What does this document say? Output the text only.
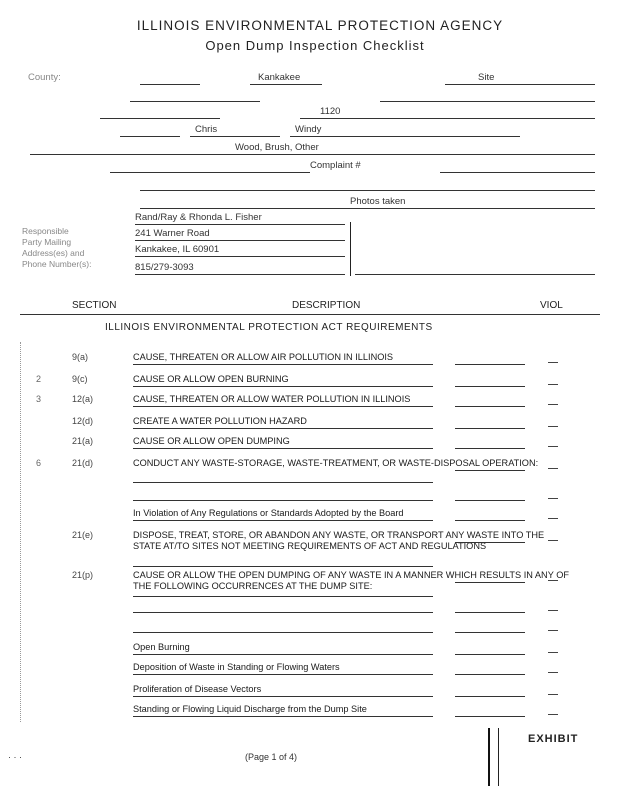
ILLINOIS ENVIRONMENTAL PROTECTION AGENCY
Open Dump Inspection Checklist
County:	Kankakee	Site
1120
Chris	Windy
Wood, Brush, Other
Complaint #
Photos taken
Responsible
Party Mailing
Address(es) and
Phone Number(s):
Rand/Ray & Rhonda L. Fisher
241 Warner Road
Kankakee, IL 60901
815/279-3093
SECTION	DESCRIPTION	VIOL
ILLINOIS ENVIRONMENTAL PROTECTION ACT REQUIREMENTS
9(a)	CAUSE, THREATEN OR ALLOW AIR POLLUTION IN ILLINOIS
2	9(c)	CAUSE OR ALLOW OPEN BURNING
3	12(a)	CAUSE, THREATEN OR ALLOW WATER POLLUTION IN ILLINOIS
12(d)	CREATE A WATER POLLUTION HAZARD
21(a)	CAUSE OR ALLOW OPEN DUMPING
6	21(d)	CONDUCT ANY WASTE-STORAGE, WASTE-TREATMENT, OR WASTE-DISPOSAL OPERATION:
In Violation of Any Regulations or Standards Adopted by the Board
21(e)	DISPOSE, TREAT, STORE, OR ABANDON ANY WASTE, OR TRANSPORT ANY WASTE INTO THE STATE AT/TO SITES NOT MEETING REQUIREMENTS OF ACT AND REGULATIONS
21(p)	CAUSE OR ALLOW THE OPEN DUMPING OF ANY WASTE IN A MANNER WHICH RESULTS IN ANY OF THE FOLLOWING OCCURRENCES AT THE DUMP SITE:
Open Burning
Deposition of Waste in Standing or Flowing Waters
Proliferation of Disease Vectors
Standing or Flowing Liquid Discharge from the Dump Site
(Page 1 of 4)
· · ·
EXHIBIT
